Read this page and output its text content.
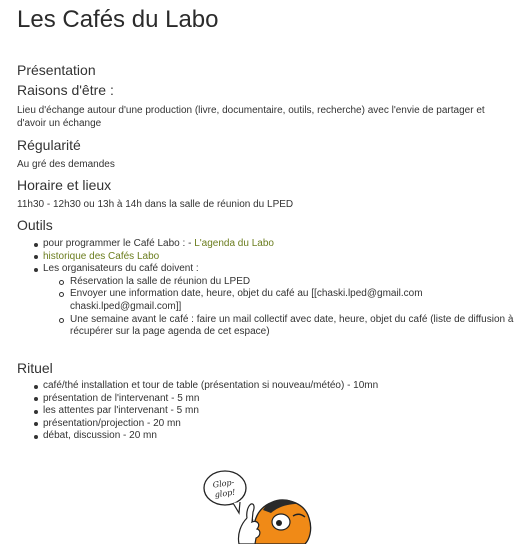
Les Cafés du Labo
Présentation
Raisons d'être :
Lieu d'échange autour d'une production (livre, documentaire, outils, recherche) avec l'envie de partager et d'avoir un échange
Régularité
Au gré des demandes
Horaire et lieux
11h30 - 12h30 ou 13h à 14h dans la salle de réunion du LPED
Outils
pour programmer le Café Labo : - L'agenda du Labo
historique des Cafés Labo
Les organisateurs du café doivent :
Réservation la salle de réunion du LPED
Envoyer une information date, heure, objet du café au [[chaski.lped@gmail.com chaski.lped@gmail.com]]
Une semaine avant le café : faire un mail collectif avec date, heure, objet du café (liste de diffusion à récupérer sur la page agenda de cet espace)
Rituel
café/thé installation et tour de table (présentation si nouveau/météo) - 10mn
présentation de l'intervenant - 5 mn
les attentes par l'intervenant - 5 mn
présentation/projection - 20 mn
débat, discussion - 20 mn
Glop-
glop!
